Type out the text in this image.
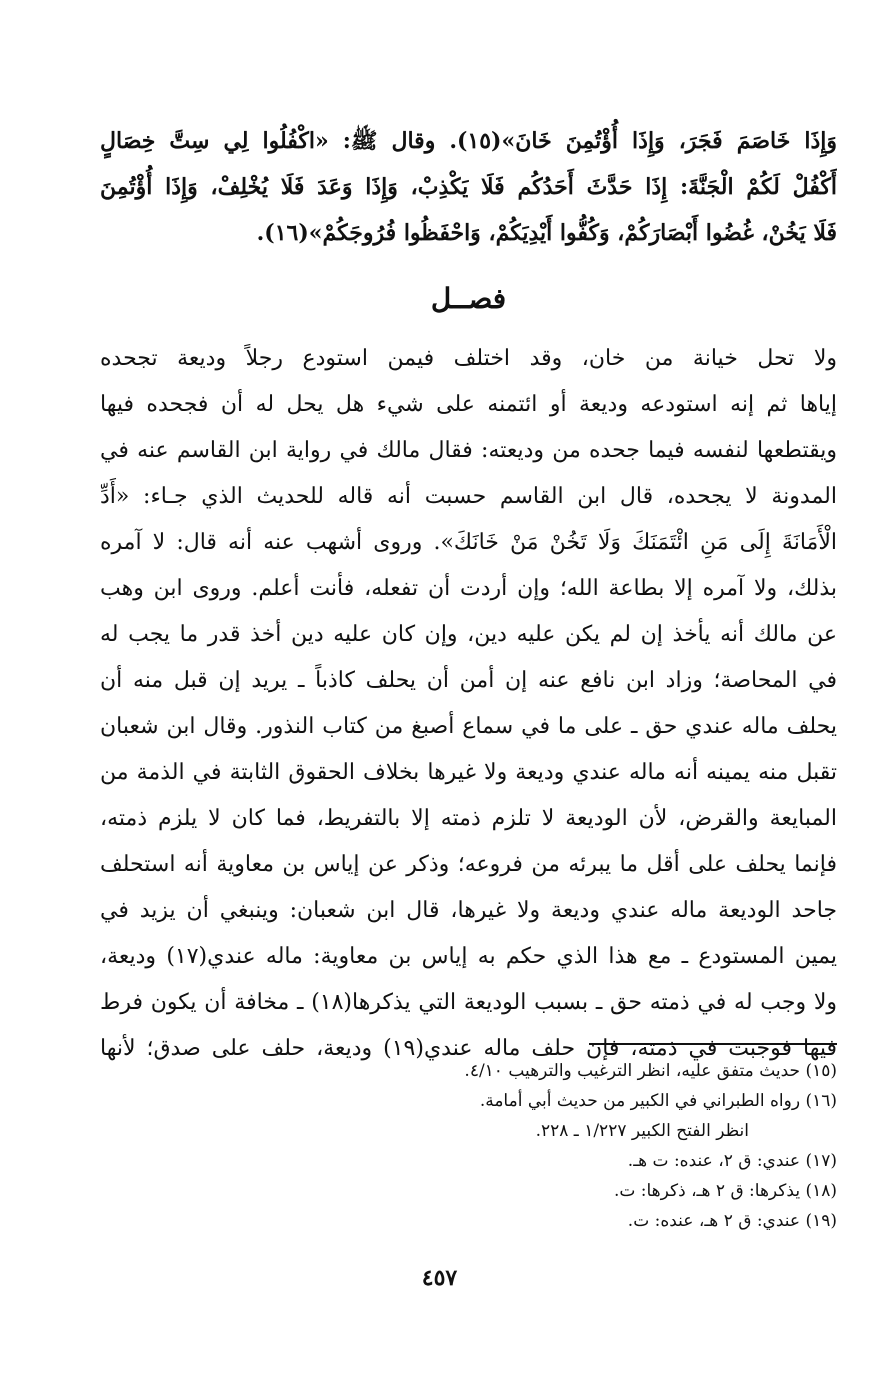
وَإِذَا خَاصَمَ فَجَرَ، وَإِذَا أُؤْتُمِنَ خَانَ»(١٥). وقال ﷺ: «اكْفُلُوا لِي سِتَّ خِصَالٍ
أَكْفُلْ لَكُمْ الْجَنَّةَ: إِذَا حَدَّثَ أَحَدُكُم فَلَا يَكْذِبْ، وَإِذَا وَعَدَ فَلَا يُخْلِفْ، وَإِذَا أُؤْتُمِنَ
فَلَا يَخُنْ، غُضُوا أَبْصَارَكُمْ، وَكُفُّوا أَيْدِيَكُمْ، وَاحْفَظُوا فُرُوجَكُمْ»(١٦).
فصــل
ولا تحل خيانة من خان، وقد اختلف فيمن استودع رجلاً وديعة تجحده
إياها ثم إنه استودعه وديعة أو ائتمنه على شيء هل يحل له أن فجحده فيها
ويقتطعها لنفسه فيما جحده من وديعته: فقال مالك في رواية ابن القاسم عنه في
المدونة لا يجحده، قال ابن القاسم حسبت أنه قاله للحديث الذي جـاء: «أَدِّ
الْأَمَانَةَ إِلَى مَنِ ائْتَمَنَكَ وَلَا تَخُنْ مَنْ خَانَكَ». وروى أشهب عنه أنه قال: لا آمره
بذلك، ولا آمره إلا بطاعة الله؛ وإن أردت أن تفعله، فأنت أعلم. وروى ابن وهب
عن مالك أنه يأخذ إن لم يكن عليه دين، وإن كان عليه دين أخذ قدر ما يجب له
في المحاصة؛ وزاد ابن نافع عنه إن أمن أن يحلف كاذباً ـ يريد إن قبل منه أن
يحلف ماله عندي حق ـ على ما في سماع أصبغ من كتاب النذور. وقال ابن شعبان
تقبل منه يمينه أنه ماله عندي وديعة ولا غيرها بخلاف الحقوق الثابتة في الذمة من
المبايعة والقرض، لأن الوديعة لا تلزم ذمته إلا بالتفريط، فما كان لا يلزم ذمته،
فإنما يحلف على أقل ما يبرئه من فروعه؛ وذكر عن إياس بن معاوية أنه استحلف
جاحد الوديعة ماله عندي وديعة ولا غيرها، قال ابن شعبان: وينبغي أن يزيد في
يمين المستودع ـ مع هذا الذي حكم به إياس بن معاوية: ماله عندي(١٧) وديعة،
ولا وجب له في ذمته حق ـ بسبب الوديعة التي يذكرها(١٨) ـ مخافة أن يكون فرط
فيها فوجبت في ذمته، فإن حلف ماله عندي(١٩) وديعة، حلف على صدق؛ لأنها
(١٥) حديث متفق عليه، انظر الترغيب والترهيب ٤/١٠.
(١٦) رواه الطبراني في الكبير من حديث أبي أمامة.
انظر الفتح الكبير ١/٢٢٧ ـ ٢٢٨.
(١٧) عندي: ق ٢، عنده: ت هـ.
(١٨) يذكرها: ق ٢ هـ، ذكرها: ت.
(١٩) عندي: ق ٢ هـ، عنده: ت.
٤٥٧
